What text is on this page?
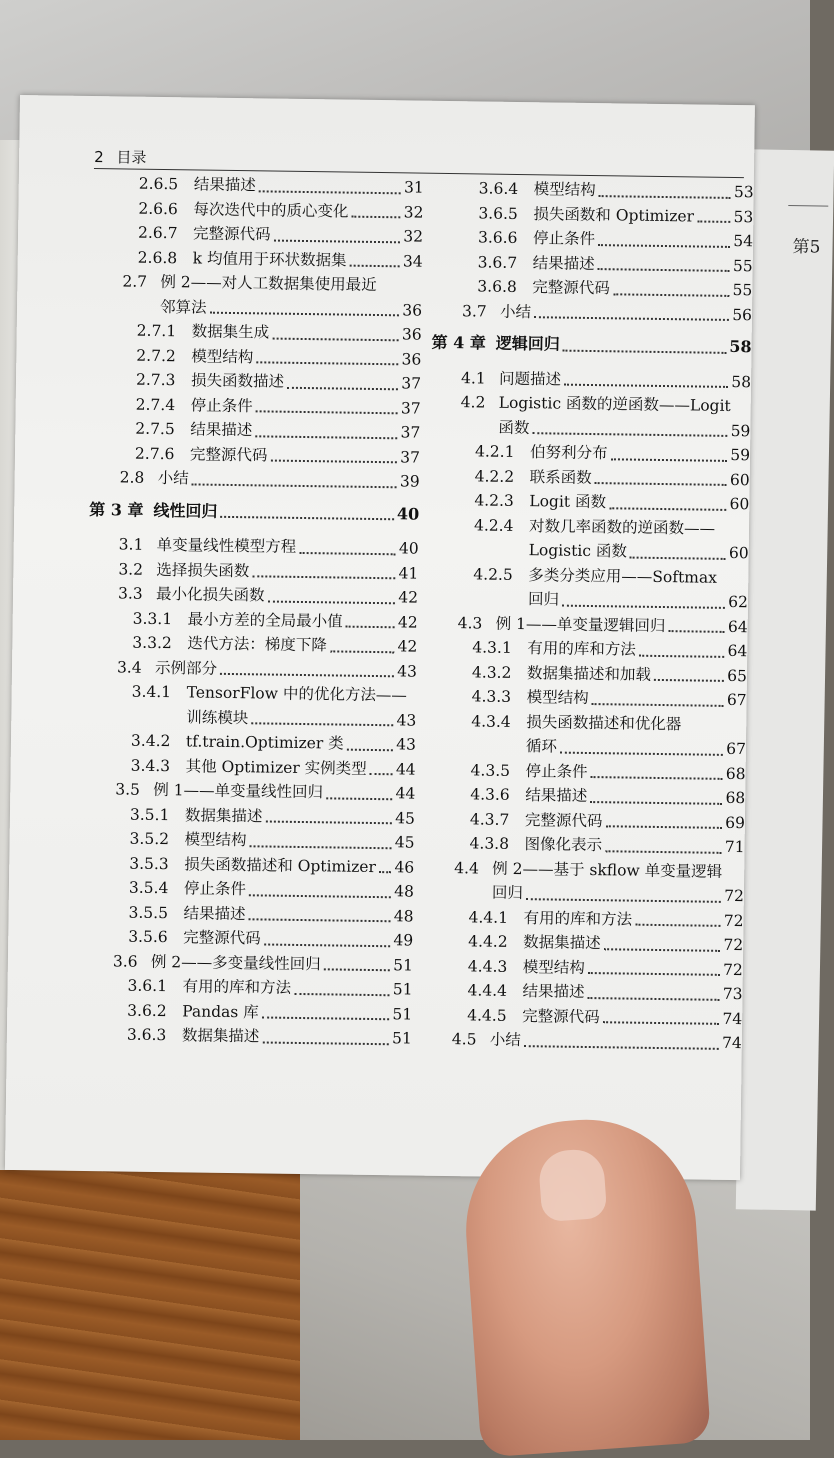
第5
2 目录
2.6.5 结果描述	31
2.6.6 每次迭代中的质心变化	32
2.6.7 完整源代码	32
2.6.8 k 均值用于环状数据集	34
2.7 例 2——对人工数据集使用最近
邻算法	36
2.7.1 数据集生成	36
2.7.2 模型结构	36
2.7.3 损失函数描述	37
2.7.4 停止条件	37
2.7.5 结果描述	37
2.7.6 完整源代码	37
2.8 小结	39
第 3 章 线性回归	40
3.1 单变量线性模型方程	40
3.2 选择损失函数	41
3.3 最小化损失函数	42
3.3.1 最小方差的全局最小值	42
3.3.2 迭代方法：梯度下降	42
3.4 示例部分	43
3.4.1 TensorFlow 中的优化方法——
训练模块	43
3.4.2 tf.train.Optimizer 类	43
3.4.3 其他 Optimizer 实例类型 44
3.5 例 1——单变量线性回归	44
3.5.1 数据集描述	45
3.5.2 模型结构	45
3.5.3 损失函数描述和 Optimizer 46
3.5.4 停止条件	48
3.5.5 结果描述	48
3.5.6 完整源代码	49
3.6 例 2——多变量线性回归	51
3.6.1 有用的库和方法	51
3.6.2 Pandas 库	51
3.6.3 数据集描述	51
3.6.4 模型结构	53
3.6.5 损失函数和 Optimizer	53
3.6.6 停止条件	54
3.6.7 结果描述	55
3.6.8 完整源代码	55
3.7 小结	56
第 4 章 逻辑回归	58
4.1 问题描述	58
4.2 Logistic 函数的逆函数——Logit
函数	59
4.2.1 伯努利分布	59
4.2.2 联系函数	60
4.2.3 Logit 函数	60
4.2.4 对数几率函数的逆函数——
Logistic 函数	60
4.2.5 多类分类应用——Softmax
回归	62
4.3 例 1——单变量逻辑回归	64
4.3.1 有用的库和方法	64
4.3.2 数据集描述和加载	65
4.3.3 模型结构	67
4.3.4 损失函数描述和优化器
循环	67
4.3.5 停止条件	68
4.3.6 结果描述	68
4.3.7 完整源代码	69
4.3.8 图像化表示	71
4.4 例 2——基于 skflow 单变量逻辑
回归	72
4.4.1 有用的库和方法	72
4.4.2 数据集描述	72
4.4.3 模型结构	72
4.4.4 结果描述	73
4.4.5 完整源代码	74
4.5 小结	74
